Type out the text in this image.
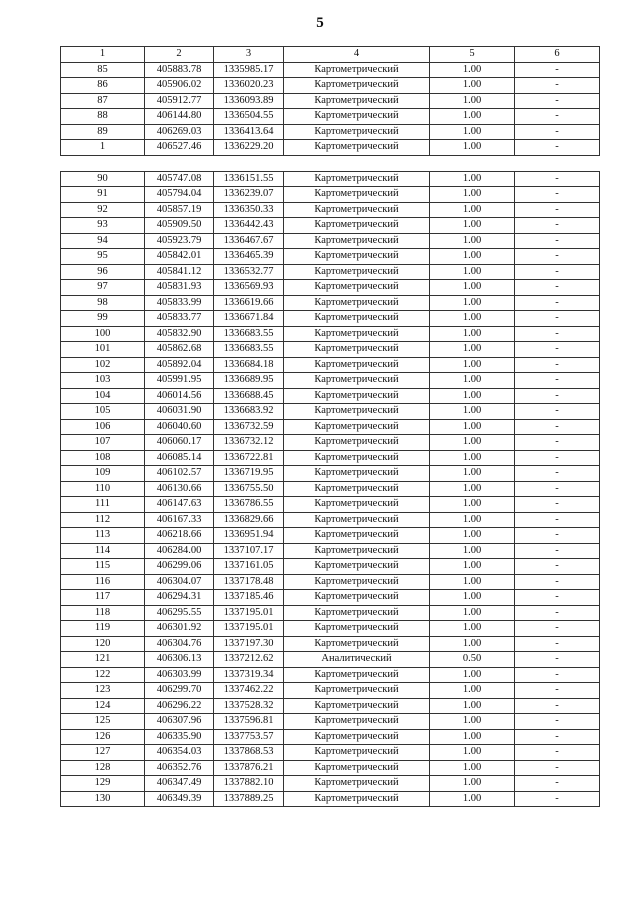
5
1	2	3	4	5	6
85	405883.78	1335985.17	Картометрический	1.00	-
86	405906.02	1336020.23	Картометрический	1.00	-
87	405912.77	1336093.89	Картометрический	1.00	-
88	406144.80	1336504.55	Картометрический	1.00	-
89	406269.03	1336413.64	Картометрический	1.00	-
1	406527.46	1336229.20	Картометрический	1.00	-

90	405747.08	1336151.55	Картометрический	1.00	-
91	405794.04	1336239.07	Картометрический	1.00	-
92	405857.19	1336350.33	Картометрический	1.00	-
93	405909.50	1336442.43	Картометрический	1.00	-
94	405923.79	1336467.67	Картометрический	1.00	-
95	405842.01	1336465.39	Картометрический	1.00	-
96	405841.12	1336532.77	Картометрический	1.00	-
97	405831.93	1336569.93	Картометрический	1.00	-
98	405833.99	1336619.66	Картометрический	1.00	-
99	405833.77	1336671.84	Картометрический	1.00	-
100	405832.90	1336683.55	Картометрический	1.00	-
101	405862.68	1336683.55	Картометрический	1.00	-
102	405892.04	1336684.18	Картометрический	1.00	-
103	405991.95	1336689.95	Картометрический	1.00	-
104	406014.56	1336688.45	Картометрический	1.00	-
105	406031.90	1336683.92	Картометрический	1.00	-
106	406040.60	1336732.59	Картометрический	1.00	-
107	406060.17	1336732.12	Картометрический	1.00	-
108	406085.14	1336722.81	Картометрический	1.00	-
109	406102.57	1336719.95	Картометрический	1.00	-
110	406130.66	1336755.50	Картометрический	1.00	-
111	406147.63	1336786.55	Картометрический	1.00	-
112	406167.33	1336829.66	Картометрический	1.00	-
113	406218.66	1336951.94	Картометрический	1.00	-
114	406284.00	1337107.17	Картометрический	1.00	-
115	406299.06	1337161.05	Картометрический	1.00	-
116	406304.07	1337178.48	Картометрический	1.00	-
117	406294.31	1337185.46	Картометрический	1.00	-
118	406295.55	1337195.01	Картометрический	1.00	-
119	406301.92	1337195.01	Картометрический	1.00	-
120	406304.76	1337197.30	Картометрический	1.00	-
121	406306.13	1337212.62	Аналитический	0.50	-
122	406303.99	1337319.34	Картометрический	1.00	-
123	406299.70	1337462.22	Картометрический	1.00	-
124	406296.22	1337528.32	Картометрический	1.00	-
125	406307.96	1337596.81	Картометрический	1.00	-
126	406335.90	1337753.57	Картометрический	1.00	-
127	406354.03	1337868.53	Картометрический	1.00	-
128	406352.76	1337876.21	Картометрический	1.00	-
129	406347.49	1337882.10	Картометрический	1.00	-
130	406349.39	1337889.25	Картометрический	1.00	-
